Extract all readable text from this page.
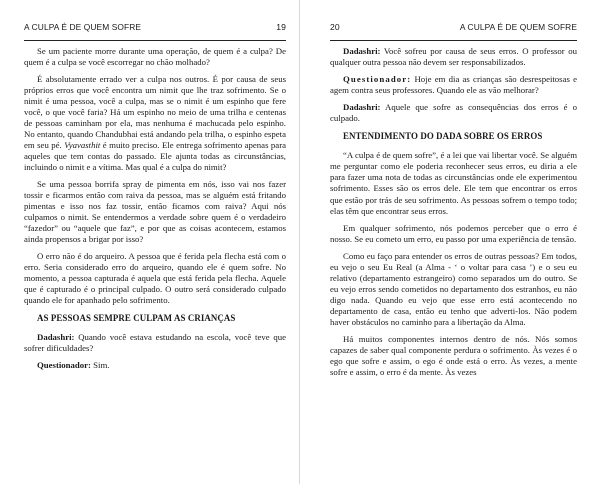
A CULPA É DE QUEM SOFRE	19

Se um paciente morre durante uma operação, de quem é a culpa? De quem é a culpa se você escorregar no chão molhado?

É absolutamente errado ver a culpa nos outros. É por causa de seus próprios erros que você encontra um nimit que lhe traz sofrimento. Se o nimit é uma pessoa, você a culpa, mas se o nimit é um espinho que fere você, o que você faria? Há um espinho no meio de uma trilha e centenas de pessoas caminham por ela, mas nenhuma é machucada pelo espinho. No entanto, quando Chandubhai está andando pela trilha, o espinho espeta em seu pé. Vyavasthit é muito preciso. Ele entrega sofrimento apenas para aqueles que tem contas do passado. Ele ajunta todas as circunstâncias, incluindo o nimit e a vítima. Mas qual é a culpa do nimit?

Se uma pessoa borrifa spray de pimenta em nós, isso vai nos fazer tossir e ficarmos então com raiva da pessoa, mas se alguém está fritando pimentas e isso nos faz tossir, então ficamos com raiva? Aqui nós culpamos o nimit. Se entendermos a verdade sobre quem é o verdadeiro “fazedor” ou “aquele que faz”, e por que as coisas acontecem, estamos ainda propensos a brigar por isso?

O erro não é do arqueiro. A pessoa que é ferida pela flecha está com o erro. Seria considerado erro do arqueiro, quando ele é quem sofre. No momento, a pessoa capturada é aquela que está ferida pela flecha. Aquele que é capturado é o principal culpado. O outro será considerado culpado quando ele for apanhado pelo sofrimento.

AS PESSOAS SEMPRE CULPAM AS CRIANÇAS

Dadashri: Quando você estava estudando na escola, você teve que sofrer dificuldades?

Questionador: Sim.

20	A CULPA É DE QUEM SOFRE

Dadashri: Você sofreu por causa de seus erros. O professor ou qualquer outra pessoa não devem ser responsabilizados.

Questionador: Hoje em dia as crianças são desrespeitosas e agem contra seus professores. Quando ele as vão melhorar?

Dadashri: Aquele que sofre as consequências dos erros é o culpado.

ENTENDIMENTO DO DADA SOBRE OS ERROS

“A culpa é de quem sofre”, é a lei que vai libertar você. Se alguém me perguntar como ele poderia reconhecer seus erros, eu diria a ele para fazer uma nota de todas as circunstâncias onde ele experimentou sofrimento. Esses são os erros dele. Ele tem que encontrar os erros que estão por trás de seu sofrimento. As pessoas sofrem o tempo todo; elas têm que encontrar seus erros.

Em qualquer sofrimento, nós podemos perceber que o erro é nosso. Se eu cometo um erro, eu passo por uma experiência de tensão.

Como eu faço para entender os erros de outras pessoas? Em todos, eu vejo o seu Eu Real (a Alma - ‘ o voltar para casa ’) e o seu eu relativo (departamento estrangeiro) como separados um do outro. Se eu vejo erros sendo cometidos no departamento dos estranhos, eu não digo nada. Quando eu vejo que esse erro está acontecendo no departamento de casa, então eu tenho que adverti-los. Não podem haver obstáculos no caminho para a libertação da Alma.

Há muitos componentes internos dentro de nós. Nós somos capazes de saber qual componente perdura o sofrimento. Às vezes é o ego que sofre e assim, o ego é onde está o erro. Às vezes, a mente sofre e assim, o erro é da mente. Às vezes
